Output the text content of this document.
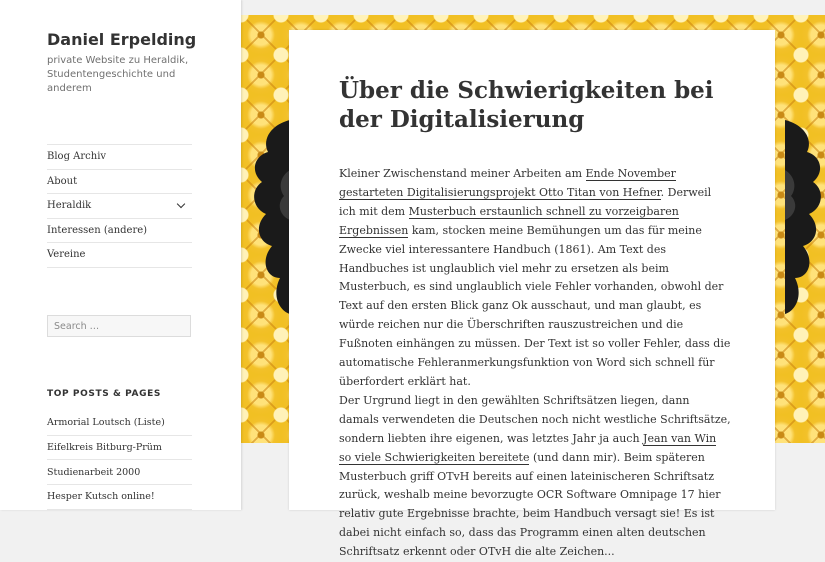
Daniel Erpelding

private Website zu Heraldik, Studentengeschichte und anderem

Blog Archiv
About
Heraldik
Interessen (andere)
Vereine
Search …
TOP POSTS & PAGES
Armorial Loutsch (Liste)
Eifelkreis Bitburg-Prüm
Studienarbeit 2000
Hesper Kutsch online!
Über die Schwierigkeiten bei der Digitalisierung

Kleiner Zwischenstand meiner Arbeiten am Ende November gestarteten Digitalisierungsprojekt Otto Titan von Hefner. Derweil ich mit dem Musterbuch erstaunlich schnell zu vorzeigbaren Ergebnissen kam, stocken meine Bemühungen um das für meine Zwecke viel interessantere Handbuch (1861). Am Text des Handbuches ist unglaublich viel mehr zu ersetzen als beim Musterbuch, es sind unglaublich viele Fehler vorhanden, obwohl der Text auf den ersten Blick ganz Ok ausschaut, und man glaubt, es würde reichen nur die Überschriften rauszustreichen und die Fußnoten einhängen zu müssen. Der Text ist so voller Fehler, dass die automatische Fehleranmerkungsfunktion von Word sich schnell für überfordert erklärt hat.

Der Urgrund liegt in den gewählten Schriftsätzen liegen, dann damals verwendeten die Deutschen noch nicht westliche Schriftsätze, sondern liebten ihre eigenen, was letztes Jahr ja auch Jean van Win so viele Schwierigkeiten bereitete (und dann mir). Beim späteren Musterbuch griff OTvH bereits auf einen lateinischeren Schriftsatz zurück, weshalb meine bevorzugte OCR Software Omnipage 17 hier relativ gute Ergebnisse brachte, beim Handbuch versagt sie! Es ist dabei nicht einfach so, dass das Programm einen alten deutschen Schriftsatz erkennt oder OTvH die alte Zeichen...
